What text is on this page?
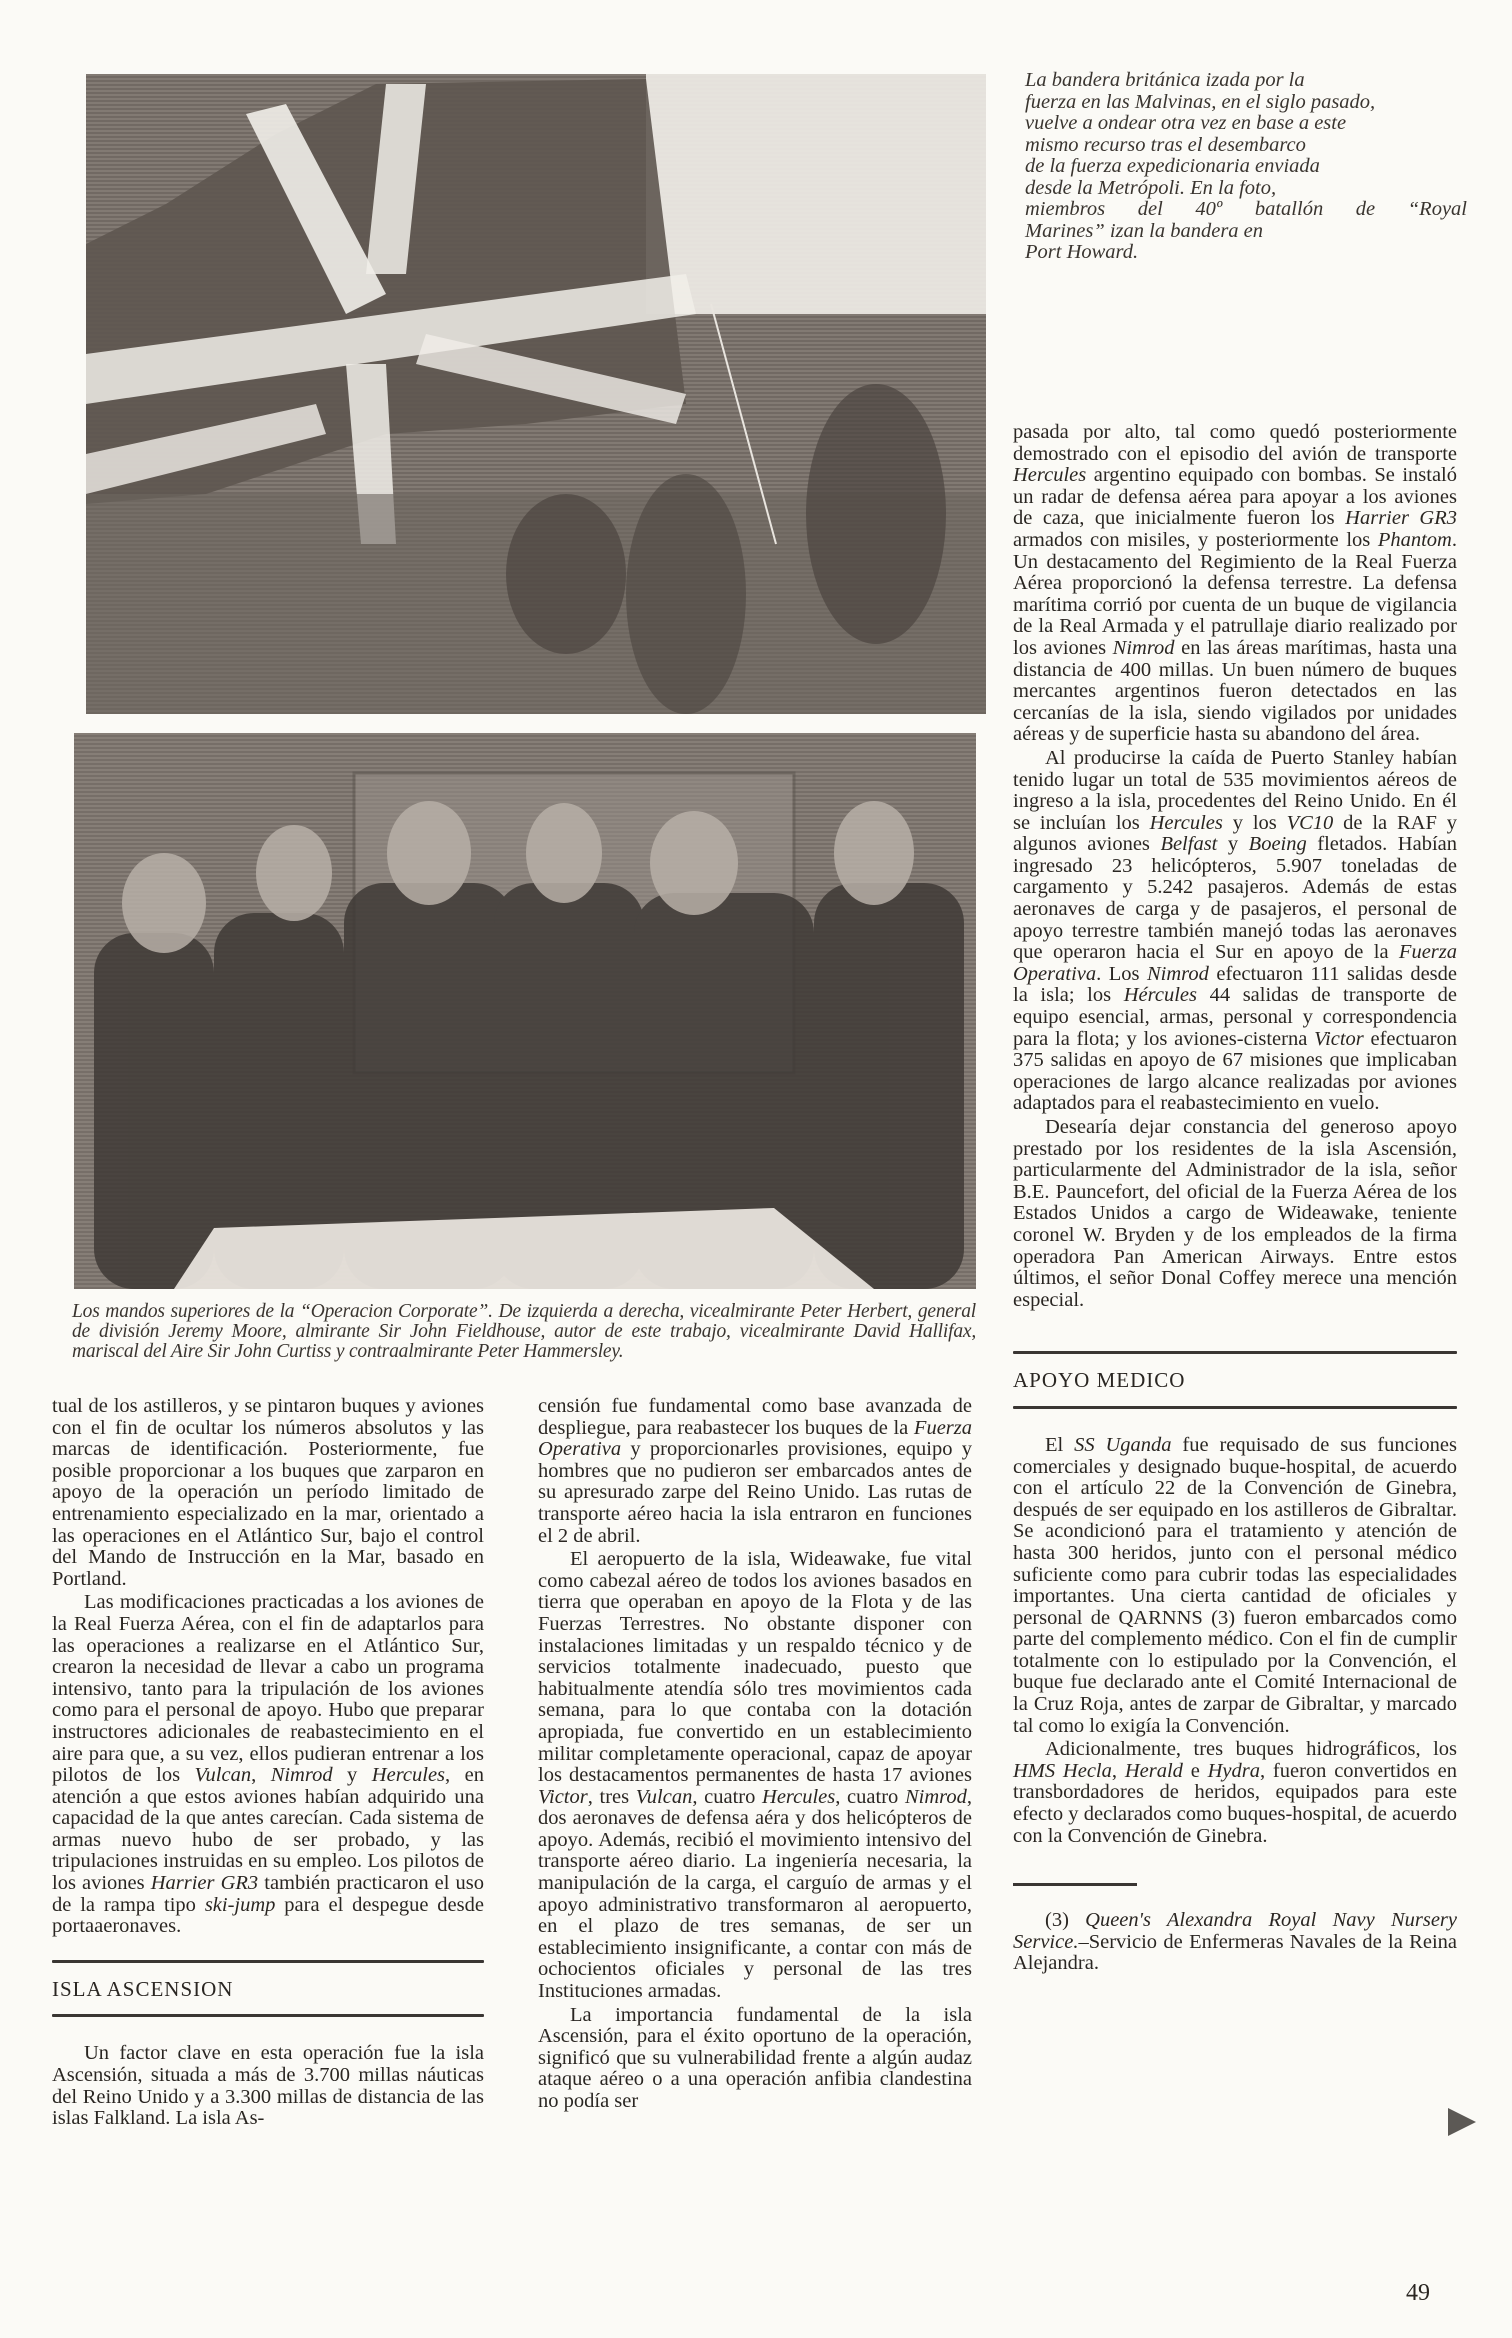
La bandera británica izada por la

fuerza en las Malvinas, en el siglo pasado,

vuelve a ondear otra vez en base a este

mismo recurso tras el desembarco

de la fuerza expedicionaria enviada

desde la Metrópoli. En la foto,

miembros del 40º batallón de “Royal

Marines” izan la bandera en

Port Howard.

Los mandos superiores de la “Operacion Corporate”. De izquierda a derecha, vicealmirante Peter Herbert, general de división Jeremy Moore, almirante Sir John Fieldhouse, autor de este trabajo, vicealmirante David Hallifax, mariscal del Aire Sir John Curtiss y contraalmirante Peter Hammersley.

tual de los astilleros, y se pintaron buques y aviones con el fin de ocultar los números absolutos y las marcas de identificación. Posteriormente, fue posible proporcionar a los buques que zarparon en apoyo de la operación un período limitado de entrenamiento especializado en la mar, orientado a las operaciones en el Atlántico Sur, bajo el control del Mando de Instrucción en la Mar, basado en Portland.

Las modificaciones practicadas a los aviones de la Real Fuerza Aérea, con el fin de adaptarlos para las operaciones a realizarse en el Atlántico Sur, crearon la necesidad de llevar a cabo un programa intensivo, tanto para la tripulación de los aviones como para el personal de apoyo. Hubo que preparar instructores adicionales de reabastecimiento en el aire para que, a su vez, ellos pudieran entrenar a los pilotos de los Vulcan, Nimrod y Hercules, en atención a que estos aviones habían adquirido una capacidad de la que antes carecían. Cada sistema de armas nuevo hubo de ser probado, y las tripulaciones instruidas en su empleo. Los pilotos de los aviones Harrier GR3 también practicaron el uso de la rampa tipo ski-jump para el despegue desde portaaeronaves.

ISLA ASCENSION

Un factor clave en esta operación fue la isla Ascensión, situada a más de 3.700 millas náuticas del Reino Unido y a 3.300 millas de distancia de las islas Falkland. La isla As-

censión fue fundamental como base avanzada de despliegue, para reabastecer los buques de la Fuerza Operativa y proporcionarles provisiones, equipo y hombres que no pudieron ser embarcados antes de su apresurado zarpe del Reino Unido. Las rutas de transporte aéreo hacia la isla entraron en funciones el 2 de abril.

El aeropuerto de la isla, Wideawake, fue vital como cabezal aéreo de todos los aviones basados en tierra que operaban en apoyo de la Flota y de las Fuerzas Terrestres. No obstante disponer con instalaciones limitadas y un respaldo técnico y de servicios totalmente inadecuado, puesto que habitualmente atendía sólo tres movimientos cada semana, para lo que contaba con la dotación apropiada, fue convertido en un establecimiento militar completamente operacional, capaz de apoyar los destacamentos permanentes de hasta 17 aviones Victor, tres Vulcan, cuatro Hercules, cuatro Nimrod, dos aeronaves de defensa aéra y dos helicópteros de apoyo. Además, recibió el movimiento intensivo del transporte aéreo diario. La ingeniería necesaria, la manipulación de la carga, el carguío de armas y el apoyo administrativo transformaron al aeropuerto, en el plazo de tres semanas, de ser un establecimiento insignificante, a contar con más de ochocientos oficiales y personal de las tres Instituciones armadas.

La importancia fundamental de la isla Ascensión, para el éxito oportuno de la operación, significó que su vulnerabilidad frente a algún audaz ataque aéreo o a una operación anfibia clandestina no podía ser

pasada por alto, tal como quedó posteriormente demostrado con el episodio del avión de transporte Hercules argentino equipado con bombas. Se instaló un radar de defensa aérea para apoyar a los aviones de caza, que inicialmente fueron los Harrier GR3 armados con misiles, y posteriormente los Phantom. Un destacamento del Regimiento de la Real Fuerza Aérea proporcionó la defensa terrestre. La defensa marítima corrió por cuenta de un buque de vigilancia de la Real Armada y el patrullaje diario realizado por los aviones Nimrod en las áreas marítimas, hasta una distancia de 400 millas. Un buen número de buques mercantes argentinos fueron detectados en las cercanías de la isla, siendo vigilados por unidades aéreas y de superficie hasta su abandono del área.

Al producirse la caída de Puerto Stanley habían tenido lugar un total de 535 movimientos aéreos de ingreso a la isla, procedentes del Reino Unido. En él se incluían los Hercules y los VC10 de la RAF y algunos aviones Belfast y Boeing fletados. Habían ingresado 23 helicópteros, 5.907 toneladas de cargamento y 5.242 pasajeros. Además de estas aeronaves de carga y de pasajeros, el personal de apoyo terrestre también manejó todas las aeronaves que operaron hacia el Sur en apoyo de la Fuerza Operativa. Los Nimrod efectuaron 111 salidas desde la isla; los Hércules 44 salidas de transporte de equipo esencial, armas, personal y correspondencia para la flota; y los aviones-cisterna Victor efectuaron 375 salidas en apoyo de 67 misiones que implicaban operaciones de largo alcance realizadas por aviones adaptados para el reabastecimiento en vuelo.

Desearía dejar constancia del generoso apoyo prestado por los residentes de la isla Ascensión, particularmente del Administrador de la isla, señor B.E. Pauncefort, del oficial de la Fuerza Aérea de los Estados Unidos a cargo de Wideawake, teniente coronel W. Bryden y de los empleados de la firma operadora Pan American Airways. Entre estos últimos, el señor Donal Coffey merece una mención especial.

APOYO MEDICO

El SS Uganda fue requisado de sus funciones comerciales y designado buque-hospital, de acuerdo con el artículo 22 de la Convención de Ginebra, después de ser equipado en los astilleros de Gibraltar. Se acondicionó para el tratamiento y atención de hasta 300 heridos, junto con el personal médico suficiente como para cubrir todas las especialidades importantes. Una cierta cantidad de oficiales y personal de QARNNS (3) fueron embarcados como parte del complemento médico. Con el fin de cumplir totalmente con lo estipulado por la Convención, el buque fue declarado ante el Comité Internacional de la Cruz Roja, antes de zarpar de Gibraltar, y marcado tal como lo exigía la Convención.

Adicionalmente, tres buques hidrográficos, los HMS Hecla, Herald e Hydra, fueron convertidos en transbordadores de heridos, equipados para este efecto y declarados como buques-hospital, de acuerdo con la Convención de Ginebra.

(3) Queen's Alexandra Royal Navy Nursery Service.–Servicio de Enfermeras Navales de la Reina Alejandra.

49
